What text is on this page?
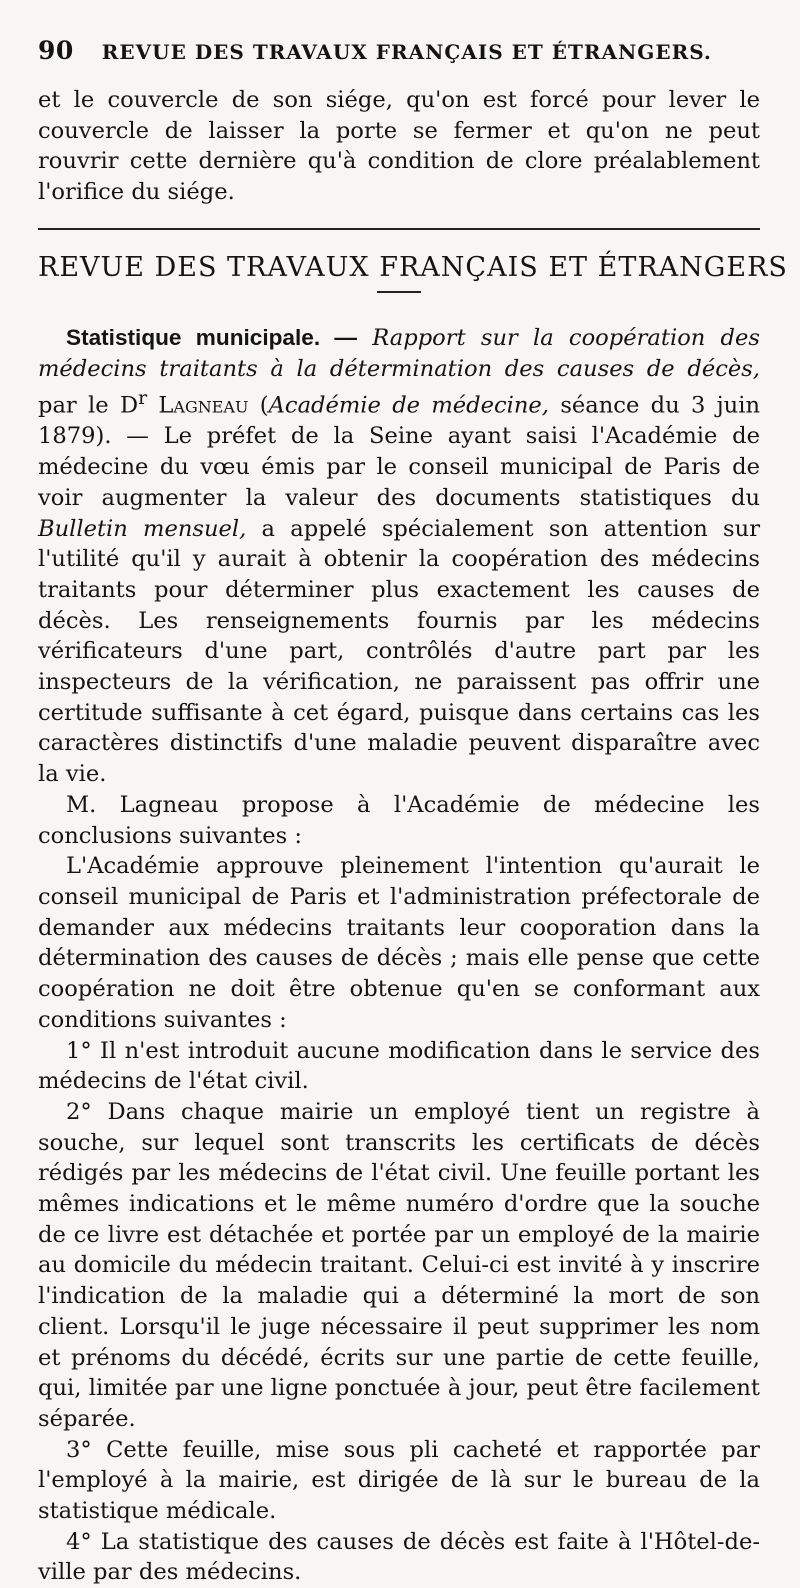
90 REVUE DES TRAVAUX FRANÇAIS ET ÉTRANGERS.

et le couvercle de son siége, qu'on est forcé pour lever le couvercle de laisser la porte se fermer et qu'on ne peut rouvrir cette dernière qu'à condition de clore préalablement l'orifice du siége.

REVUE DES TRAVAUX FRANÇAIS ET ÉTRANGERS

Statistique municipale. — Rapport sur la coopération des médecins traitants à la détermination des causes de décès, par le $D^r$ Lagneau (Académie de médecine, séance du 3 juin 1879). — Le préfet de la Seine ayant saisi l'Académie de médecine du vœu émis par le conseil municipal de Paris de voir augmenter la valeur des documents statistiques du Bulletin mensuel, a appelé spécialement son attention sur l'utilité qu'il y aurait à obtenir la coopération des médecins traitants pour déterminer plus exactement les causes de décès. Les renseignements fournis par les médecins vérificateurs d'une part, contrôlés d'autre part par les inspecteurs de la vérification, ne paraissent pas offrir une certitude suffisante à cet égard, puisque dans certains cas les caractères distinctifs d'une maladie peuvent disparaître avec la vie.

M. Lagneau propose à l'Académie de médecine les conclusions suivantes :

L'Académie approuve pleinement l'intention qu'aurait le conseil municipal de Paris et l'administration préfectorale de demander aux médecins traitants leur cooporation dans la détermination des causes de décès ; mais elle pense que cette coopération ne doit être obtenue qu'en se conformant aux conditions suivantes :

1° Il n'est introduit aucune modification dans le service des médecins de l'état civil.

2° Dans chaque mairie un employé tient un registre à souche, sur lequel sont transcrits les certificats de décès rédigés par les médecins de l'état civil. Une feuille portant les mêmes indications et le même numéro d'ordre que la souche de ce livre est détachée et portée par un employé de la mairie au domicile du médecin traitant. Celui-ci est invité à y inscrire l'indication de la maladie qui a déterminé la mort de son client. Lorsqu'il le juge nécessaire il peut supprimer les nom et prénoms du décédé, écrits sur une partie de cette feuille, qui, limitée par une ligne ponctuée à jour, peut être facilement séparée.

3° Cette feuille, mise sous pli cacheté et rapportée par l'employé à la mairie, est dirigée de là sur le bureau de la statistique médicale.

4° La statistique des causes de décès est faite à l'Hôtel-de-ville par des médecins.
